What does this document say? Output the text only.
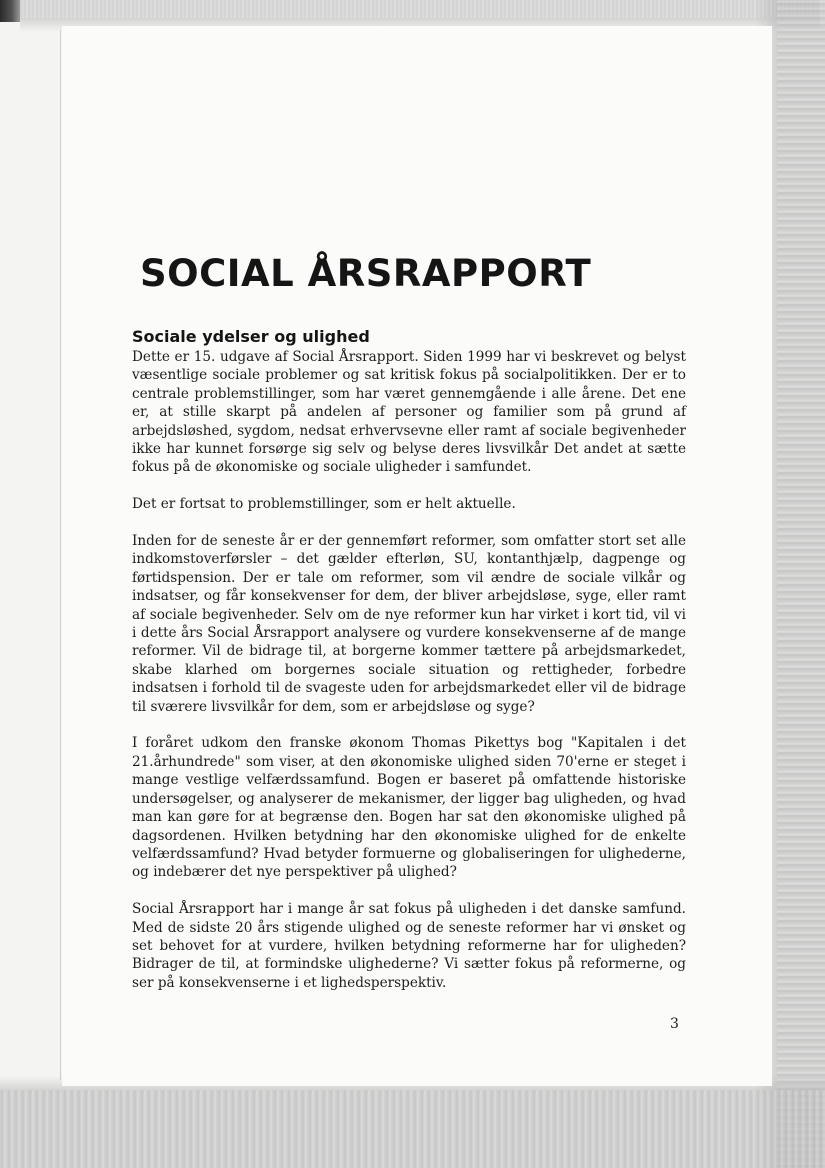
SOCIAL ÅRSRAPPORT
Sociale ydelser og ulighed

Dette er 15. udgave af Social Årsrapport. Siden 1999 har vi beskrevet og belyst væsentlige sociale problemer og sat kritisk fokus på socialpolitikken. Der er to centrale problemstillinger, som har været gennemgående i alle årene. Det ene er, at stille skarpt på andelen af personer og familier som på grund af arbejdsløshed, sygdom, nedsat erhvervsevne eller ramt af sociale begivenheder ikke har kunnet forsørge sig selv og belyse deres livsvilkår Det andet at sætte fokus på de økonomiske og sociale uligheder i samfundet.

Det er fortsat to problemstillinger, som er helt aktuelle.

Inden for de seneste år er der gennemført reformer, som omfatter stort set alle indkomstoverførsler – det gælder efterløn, SU, kontanthjælp, dagpenge og førtidspension. Der er tale om reformer, som vil ændre de sociale vilkår og indsatser, og får konsekvenser for dem, der bliver arbejdsløse, syge, eller ramt af sociale begivenheder. Selv om de nye reformer kun har virket i kort tid, vil vi i dette års Social Årsrapport analysere og vurdere konsekvenserne af de mange reformer. Vil de bidrage til, at borgerne kommer tættere på arbejdsmarkedet, skabe klarhed om borgernes sociale situation og rettigheder, forbedre indsatsen i forhold til de svageste uden for arbejdsmarkedet eller vil de bidrage til sværere livsvilkår for dem, som er arbejdsløse og syge?

I foråret udkom den franske økonom Thomas Pikettys bog "Kapitalen i det 21.århundrede" som viser, at den økonomiske ulighed siden 70'erne er steget i mange vestlige velfærdssamfund. Bogen er baseret på omfattende historiske undersøgelser, og analyserer de mekanismer, der ligger bag uligheden, og hvad man kan gøre for at begrænse den. Bogen har sat den økonomiske ulighed på dagsordenen. Hvilken betydning har den økonomiske ulighed for de enkelte velfærdssamfund? Hvad betyder formuerne og globaliseringen for ulighederne, og indebærer det nye perspektiver på ulighed?

Social Årsrapport har i mange år sat fokus på uligheden i det danske samfund. Med de sidste 20 års stigende ulighed og de seneste reformer har vi ønsket og set behovet for at vurdere, hvilken betydning reformerne har for uligheden? Bidrager de til, at formindske ulighederne? Vi sætter fokus på reformerne, og ser på konsekvenserne i et lighedsperspektiv.

3
